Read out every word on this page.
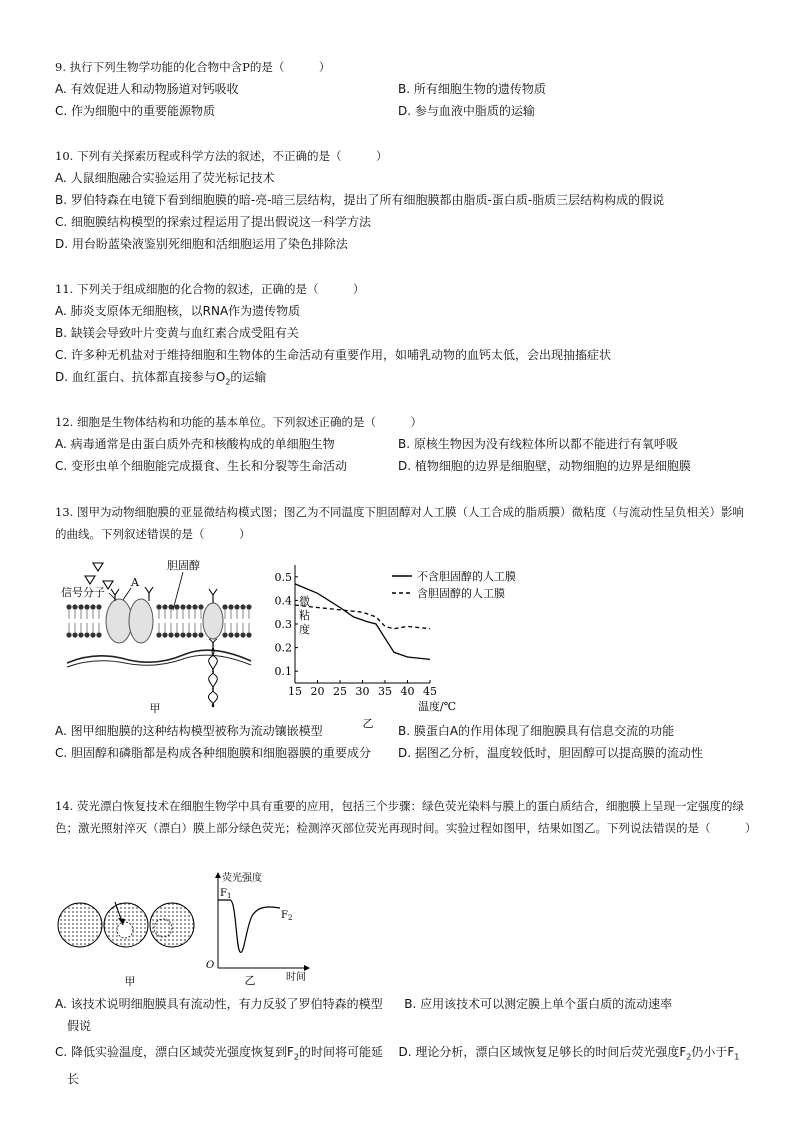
9. 执行下列生物学功能的化合物中含P的是（　　　）
A. 有效促进人和动物肠道对钙吸收	B. 所有细胞生物的遗传物质
C. 作为细胞中的重要能源物质	D. 参与血液中脂质的运输
10. 下列有关探索历程或科学方法的叙述，不正确的是（　　　）
A. 人鼠细胞融合实验运用了荧光标记技术
B. 罗伯特森在电镜下看到细胞膜的暗-亮-暗三层结构，提出了所有细胞膜都由脂质-蛋白质-脂质三层结构构成的假说
C. 细胞膜结构模型的探索过程运用了提出假说这一科学方法
D. 用台盼蓝染液鉴别死细胞和活细胞运用了染色排除法
11. 下列关于组成细胞的化合物的叙述，正确的是（　　　）
A. 肺炎支原体无细胞核，以RNA作为遗传物质
B. 缺镁会导致叶片变黄与血红素合成受阻有关
C. 许多种无机盐对于维持细胞和生物体的生命活动有重要作用，如哺乳动物的血钙太低，会出现抽搐症状
D. 血红蛋白、抗体都直接参与$O_2$的运输
12. 细胞是生物体结构和功能的基本单位。下列叙述正确的是（　　　）
A. 病毒通常是由蛋白质外壳和核酸构成的单细胞生物	B. 原核生物因为没有线粒体所以都不能进行有氧呼吸
C. 变形虫单个细胞能完成摄食、生长和分裂等生命活动	D. 植物细胞的边界是细胞壁，动物细胞的边界是细胞膜
13. 图甲为动物细胞膜的亚显微结构模式图；图乙为不同温度下胆固醇对人工膜（人工合成的脂质膜）微粘度（与流动性呈负相关）影响的曲线。下列叙述错误的是（　　　）
信号分子
A
胆固醇
甲
15 20 25 30 35 40 45
0.1
0.2
0.3
0.4
0.5
微
粘
度
温度/℃
不含胆固醇的人工膜
含胆固醇的人工膜
乙
A. 图甲细胞膜的这种结构模型被称为流动镶嵌模型	B. 膜蛋白A的作用体现了细胞膜具有信息交流的功能
C. 胆固醇和磷脂都是构成各种细胞膜和细胞器膜的重要成分	D. 据图乙分析，温度较低时，胆固醇可以提高膜的流动性
14. 荧光漂白恢复技术在细胞生物学中具有重要的应用，包括三个步骤：绿色荧光染料与膜上的蛋白质结合，细胞膜上呈现一定强度的绿色；激光照射淬灭（漂白）膜上部分绿色荧光；检测淬灭部位荧光再现时间。实验过程如图甲，结果如图乙。下列说法错误的是（　　　）
甲
荧光强度
时间
O
$F_1$
$F_2$
乙
A. 该技术说明细胞膜具有流动性，有力反驳了罗伯特森的模型假说
B. 应用该技术可以测定膜上单个蛋白质的流动速率
C. 降低实验温度，漂白区域荧光强度恢复到$F_2$的时间将可能延长
D. 理论分析，漂白区域恢复足够长的时间后荧光强度$F_2$仍小于$F_1$
